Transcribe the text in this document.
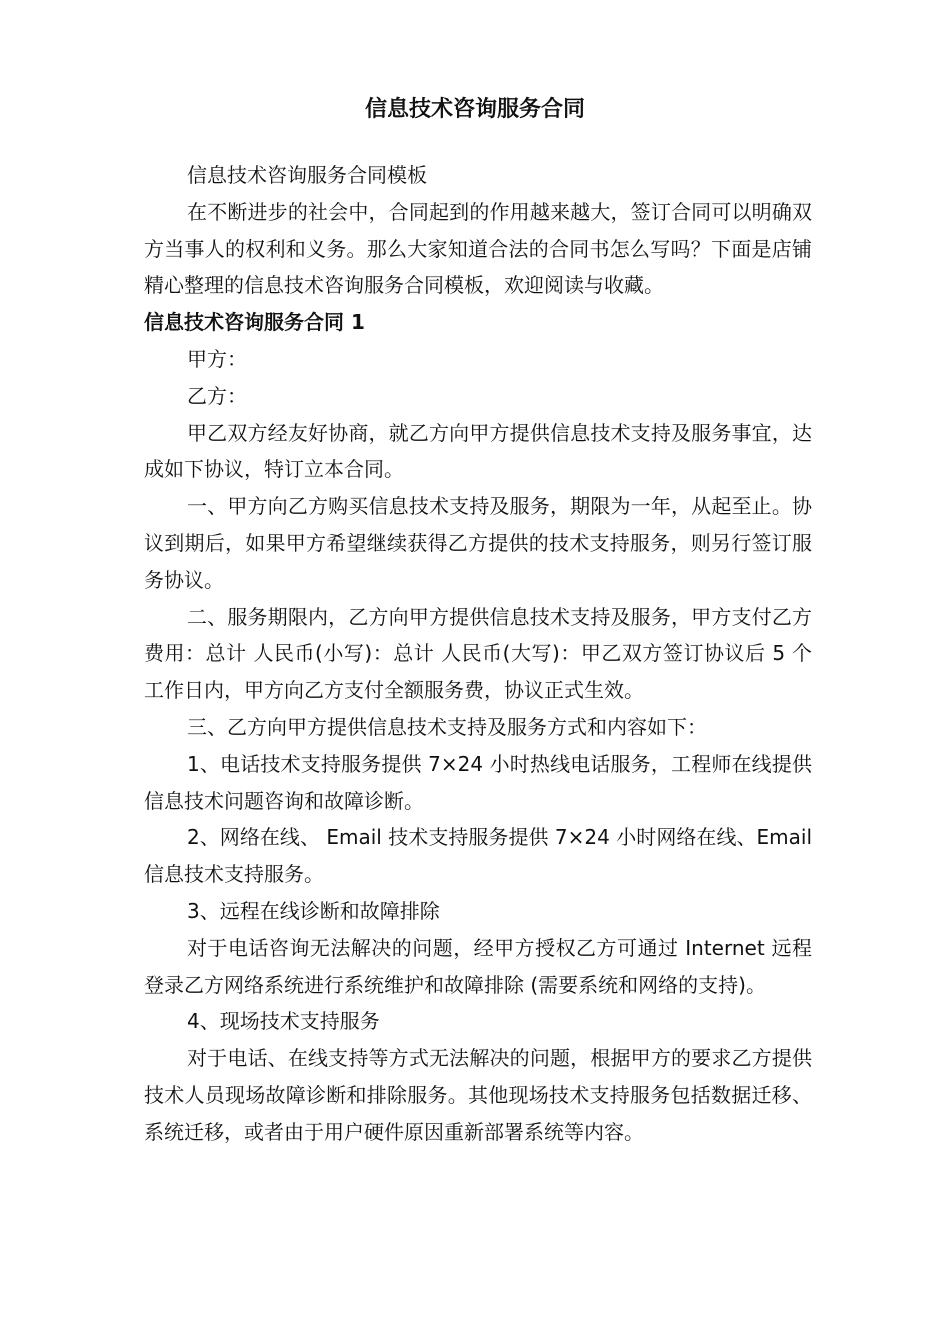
信息技术咨询服务合同

信息技术咨询服务合同模板

在不断进步的社会中，合同起到的作用越来越大，签订合同可以明确双方当事人的权利和义务。那么大家知道合法的合同书怎么写吗？下面是店铺精心整理的信息技术咨询服务合同模板，欢迎阅读与收藏。

信息技术咨询服务合同 1

甲方：

乙方：

甲乙双方经友好协商，就乙方向甲方提供信息技术支持及服务事宜，达成如下协议，特订立本合同。

一、甲方向乙方购买信息技术支持及服务，期限为一年，从起至止。协议到期后，如果甲方希望继续获得乙方提供的技术支持服务，则另行签订服务协议。

二、服务期限内，乙方向甲方提供信息技术支持及服务，甲方支付乙方费用：总计 人民币(小写)：总计 人民币(大写)：甲乙双方签订协议后 5 个工作日内，甲方向乙方支付全额服务费，协议正式生效。

三、乙方向甲方提供信息技术支持及服务方式和内容如下：

1、电话技术支持服务提供 7×24 小时热线电话服务，工程师在线提供信息技术问题咨询和故障诊断。

2、网络在线、 Email 技术支持服务提供 7×24 小时网络在线、Email 信息技术支持服务。

3、远程在线诊断和故障排除

对于电话咨询无法解决的问题，经甲方授权乙方可通过 Internet 远程登录乙方网络系统进行系统维护和故障排除 (需要系统和网络的支持)。

4、现场技术支持服务

对于电话、在线支持等方式无法解决的问题，根据甲方的要求乙方提供技术人员现场故障诊断和排除服务。其他现场技术支持服务包括数据迁移、系统迁移，或者由于用户硬件原因重新部署系统等内容。
